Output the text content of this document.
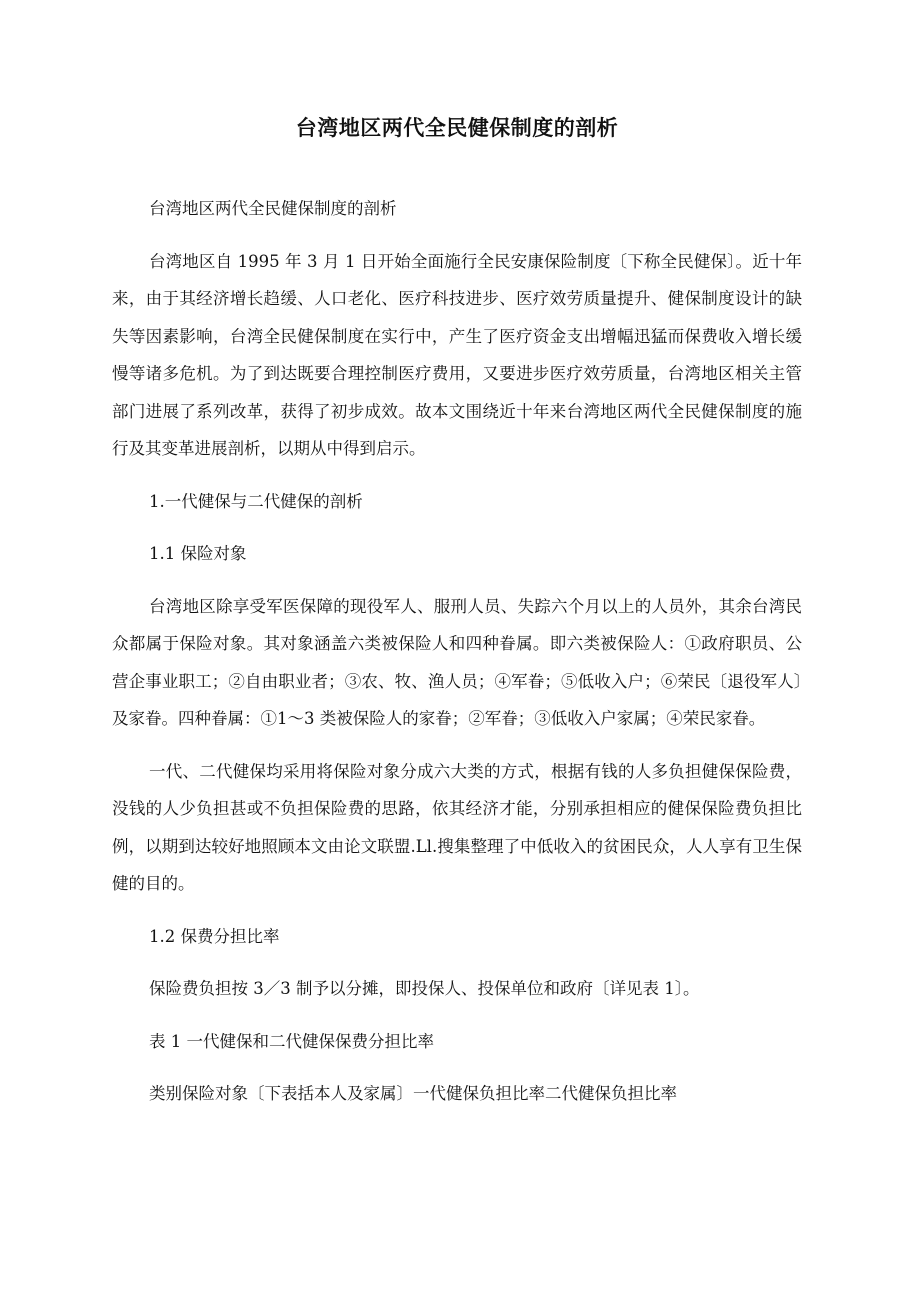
台湾地区两代全民健保制度的剖析

台湾地区两代全民健保制度的剖析

台湾地区自 1995 年 3 月 1 日开始全面施行全民安康保险制度〔下称全民健保〕。近十年来，由于其经济增长趋缓、人口老化、医疗科技进步、医疗效劳质量提升、健保制度设计的缺失等因素影响，台湾全民健保制度在实行中，产生了医疗资金支出增幅迅猛而保费收入增长缓慢等诸多危机。为了到达既要合理控制医疗费用，又要进步医疗效劳质量，台湾地区相关主管部门进展了系列改革，获得了初步成效。故本文围绕近十年来台湾地区两代全民健保制度的施行及其变革进展剖析，以期从中得到启示。

1.一代健保与二代健保的剖析

1.1 保险对象

台湾地区除享受军医保障的现役军人、服刑人员、失踪六个月以上的人员外，其余台湾民众都属于保险对象。其对象涵盖六类被保险人和四种眷属。即六类被保险人：①政府职员、公营企事业职工；②自由职业者；③农、牧、渔人员；④军眷；⑤低收入户；⑥荣民〔退役军人〕及家眷。四种眷属：①1～3 类被保险人的家眷；②军眷；③低收入户家属；④荣民家眷。

一代、二代健保均采用将保险对象分成六大类的方式，根据有钱的人多负担健保保险费，没钱的人少负担甚或不负担保险费的思路，依其经济才能，分别承担相应的健保保险费负担比例，以期到达较好地照顾本文由论文联盟.Ll.搜集整理了中低收入的贫困民众，人人享有卫生保健的目的。

1.2 保费分担比率

保险费负担按 3／3 制予以分摊，即投保人、投保单位和政府〔详见表 1〕。

表 1 一代健保和二代健保保费分担比率

类别保险对象〔下表括本人及家属〕一代健保负担比率二代健保负担比率
